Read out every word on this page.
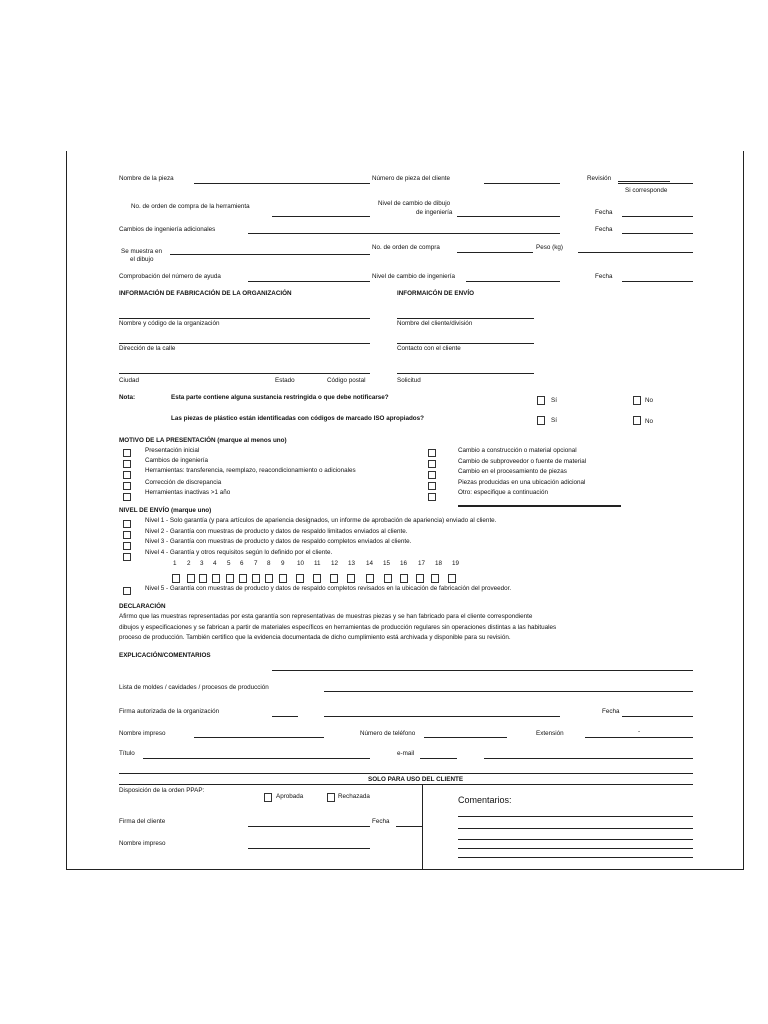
Nombre de la pieza	Número de pieza del cliente	Revisión
Si corresponde
No. de orden de compra de la herramienta	Nivel de cambio de dibujo
de ingeniería	Fecha
Cambios de ingeniería adicionales	Fecha
Se muestra en
el dibujo
No. de orden de compra	Peso (kg)
Comprobación del número de ayuda	Nivel de cambio de ingeniería	Fecha
INFORMACIÓN DE FABRICACIÓN DE LA ORGANIZACIÓN	INFORMAICÓN DE ENVÍO
Nombre y código de la organización	Nombre del cliente/división
Dirección de la calle	Contacto con el cliente
Ciudad	Estado	Código postal	Solicitud
Nota:	Esta parte contiene alguna sustancia restringida o que debe notificarse?	Sí	No
Las piezas de plástico están identificadas con códigos de marcado ISO apropiados?	Sí	No
MOTIVO DE LA PRESENTACIÓN (marque al menos uno)
Presentación inicial
Cambios de ingeniería
Herramientas: transferencia, reemplazo, reacondicionamiento o adicionales
Corrección de discrepancia
Herramientas inactivas >1 año
Cambio a construcción o material opcional
Cambio de subproveedor o fuente de material
Cambio en el procesamiento de piezas
Piezas producidas en una ubicación adicional
Otro: especifique a continuación
NIVEL DE ENVÍO (marque uno)
Nivel 1 - Solo garantía (y para artículos de apariencia designados, un informe de aprobación de apariencia) enviado al cliente.
Nivel 2 - Garantía con muestras de producto y datos de respaldo limitados enviados al cliente.
Nivel 3 - Garantía con muestras de producto y datos de respaldo completos enviados al cliente.
Nivel 4 - Garantía y otros requisitos según lo definido por el cliente.
1 2 3 4 5 6 7 8 9 10 11 12 13 14 15 16 17 18 19
Nivel 5 - Garantía con muestras de producto y datos de respaldo completos revisados en la ubicación de fabricación del proveedor.
DECLARACIÓN
Afirmo que las muestras representadas por esta garantía son representativas de muestras piezas y se han fabricado para el cliente correspondiente
dibujos y especificaciones y se fabrican a partir de materiales específicos en herramientas de producción regulares sin operaciones distintas a las habituales
proceso de producción. También certifico que la evidencia documentada de dicho cumplimiento está archivada y disponible para su revisión.
EXPLICACIÓN/COMENTARIOS
Lista de moldes / cavidades / procesos de producción
Firma autorizada de la organización	Fecha
Nombre impreso	Número de teléfono	Extensión	-
Título	e-mail
SOLO PARA USO DEL CLIENTE
Disposición de la orden PPAP:
Aprobada	Rechazada	Comentarios:
Firma del cliente	Fecha
Nombre impreso
